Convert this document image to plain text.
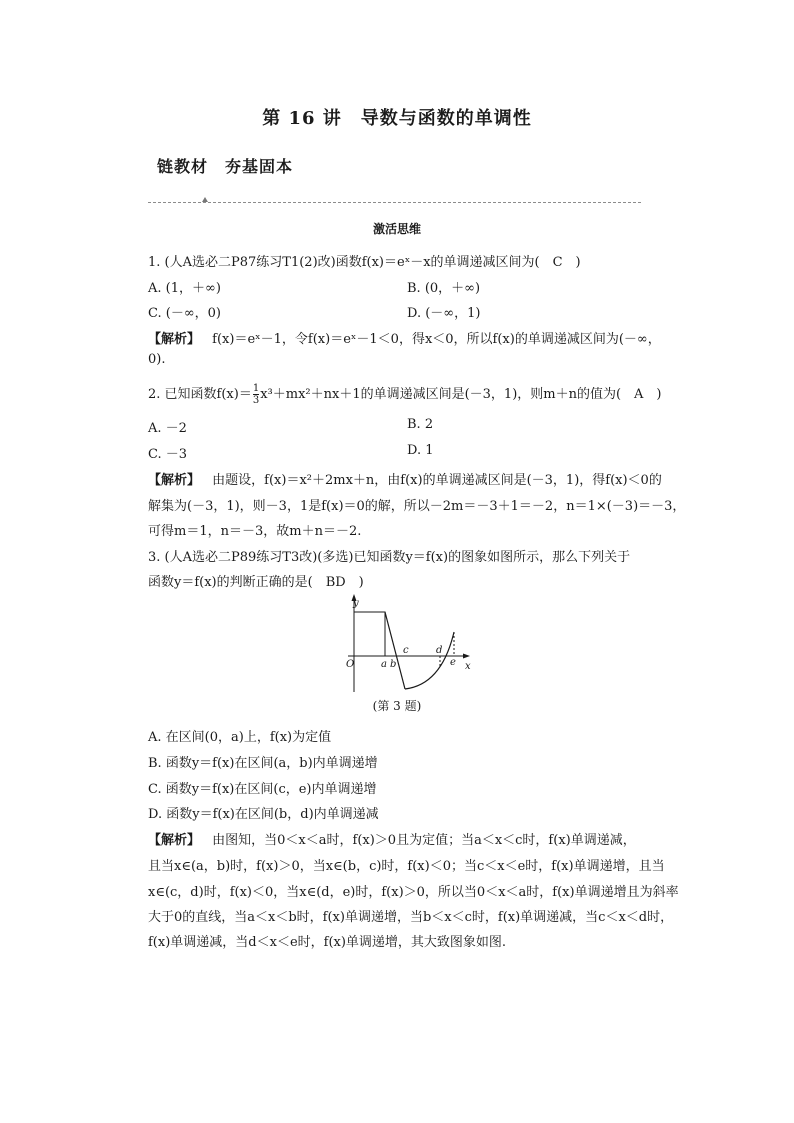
第 16 讲　导数与函数的单调性
链教材　夯基固本
激活思维
1. (人A选必二P87练习T1(2)改)函数f(x)＝eˣ－x的单调递减区间为(　C　)
A. (1，＋∞)	B. (0，＋∞)
C. (－∞，0)	D. (－∞，1)
【解析】 f(x)＝eˣ－1，令f(x)＝eˣ－1＜0，得x＜0，所以f(x)的单调递减区间为(－∞，
0).
2. 已知函数$f(x)= \frac{1}{3} x^3+mx^2+nx+1$的单调递减区间是(－3，1)，则m＋n的值为(　A　)
A. －2	B. 2
C. －3	D. 1
【解析】 由题设，f(x)＝x²＋2mx＋n，由f(x)的单调递减区间是(－3，1)，得f(x)＜0的
解集为(－3，1)，则－3，1是f(x)＝0的解，所以－2m＝－3＋1＝－2，n＝1×(－3)＝－3，
可得m＝1，n＝－3，故m＋n＝－2.
3. (人A选必二P89练习T3改)(多选)已知函数y＝f(x)的图象如图所示，那么下列关于
函数y＝f(x)的判断正确的是(　BD　)
y
x
O	a b
c	d
e
(第 3 题)
A. 在区间(0，a)上，f(x)为定值
B. 函数y＝f(x)在区间(a，b)内单调递增
C. 函数y＝f(x)在区间(c，e)内单调递增
D. 函数y＝f(x)在区间(b，d)内单调递减
【解析】 由图知，当0＜x＜a时，f(x)＞0且为定值；当a＜x＜c时，f(x)单调递减，
且当x∈(a，b)时，f(x)＞0，当x∈(b，c)时，f(x)＜0；当c＜x＜e时，f(x)单调递增，且当
x∈(c，d)时，f(x)＜0，当x∈(d，e)时，f(x)＞0，所以当0＜x＜a时，f(x)单调递增且为斜率
大于0的直线，当a＜x＜b时，f(x)单调递增，当b＜x＜c时，f(x)单调递减，当c＜x＜d时，
f(x)单调递减，当d＜x＜e时，f(x)单调递增，其大致图象如图.
